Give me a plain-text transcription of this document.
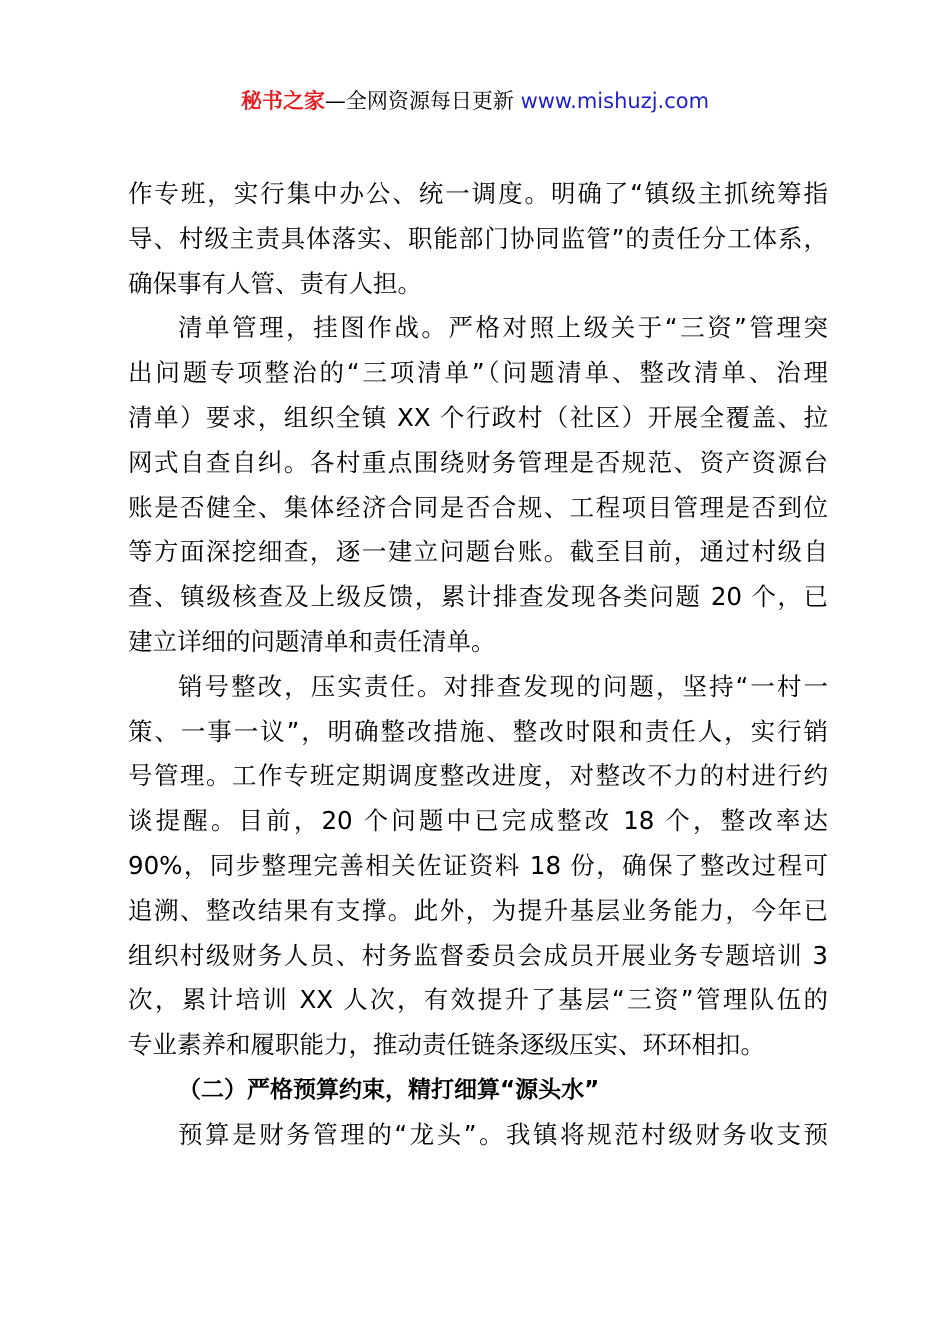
秘书之家—全网资源每日更新 www.mishuzj.com
作专班，实行集中办公、统一调度。明确了“镇级主抓统筹指
导、村级主责具体落实、职能部门协同监管”的责任分工体系，
确保事有人管、责有人担。
清单管理，挂图作战。严格对照上级关于“三资”管理突
出问题专项整治的“三项清单”（问题清单、整改清单、治理
清单）要求，组织全镇 XX 个行政村（社区）开展全覆盖、拉
网式自查自纠。各村重点围绕财务管理是否规范、资产资源台
账是否健全、集体经济合同是否合规、工程项目管理是否到位
等方面深挖细查，逐一建立问题台账。截至目前，通过村级自
查、镇级核查及上级反馈，累计排查发现各类问题 20 个，已
建立详细的问题清单和责任清单。
销号整改，压实责任。对排查发现的问题，坚持“一村一
策、一事一议”，明确整改措施、整改时限和责任人，实行销
号管理。工作专班定期调度整改进度，对整改不力的村进行约
谈提醒。目前，20 个问题中已完成整改 18 个，整改率达
90%，同步整理完善相关佐证资料 18 份，确保了整改过程可
追溯、整改结果有支撑。此外，为提升基层业务能力，今年已
组织村级财务人员、村务监督委员会成员开展业务专题培训 3
次，累计培训 XX 人次，有效提升了基层“三资”管理队伍的
专业素养和履职能力，推动责任链条逐级压实、环环相扣。
（二）严格预算约束，精打细算“源头水”
预算是财务管理的“龙头”。我镇将规范村级财务收支预
